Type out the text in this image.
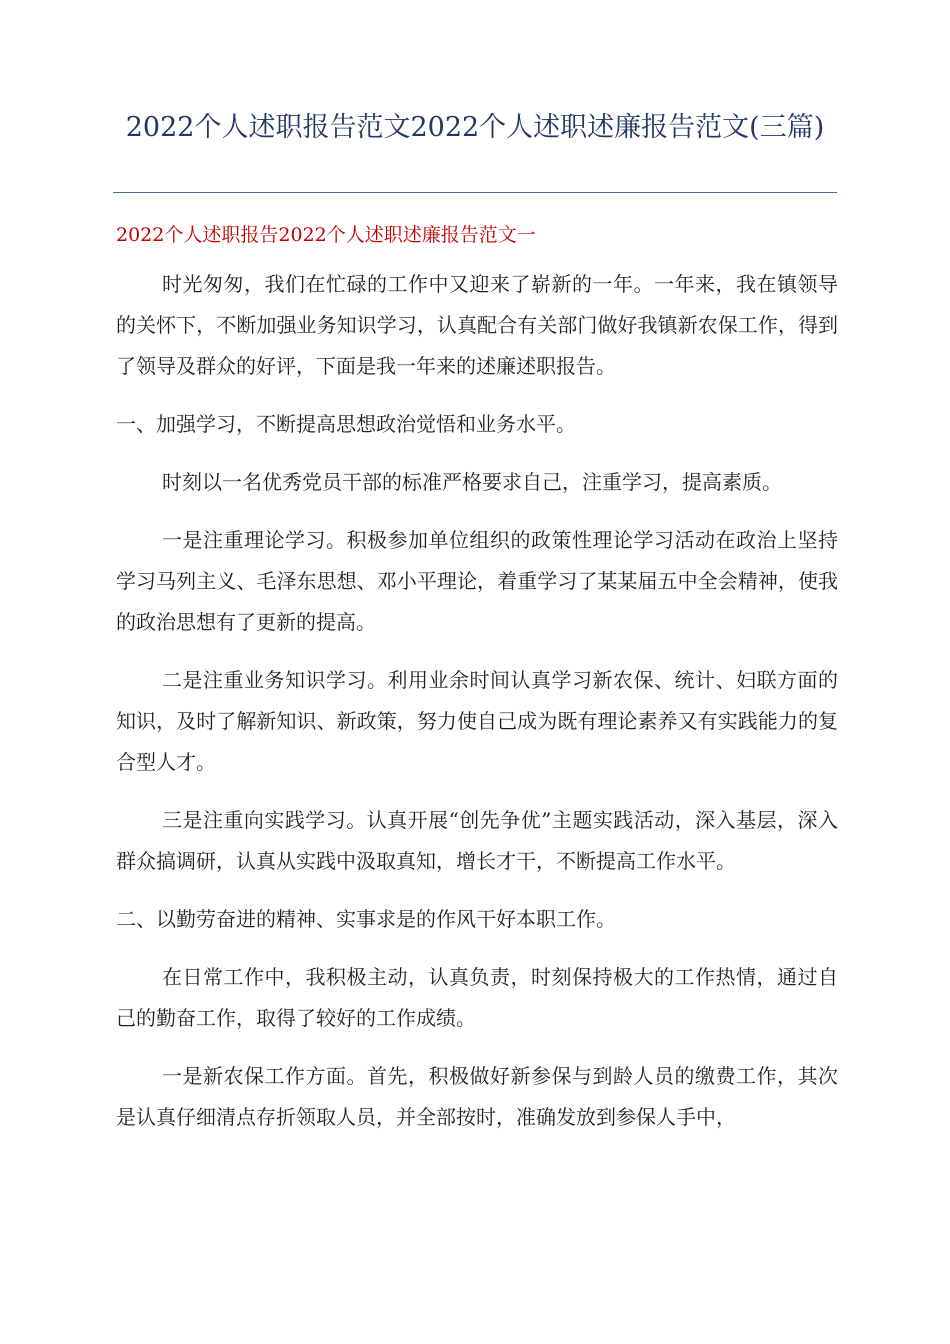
2022个人述职报告范文2022个人述职述廉报告范文(三篇)
2022个人述职报告2022个人述职述廉报告范文一

时光匆匆，我们在忙碌的工作中又迎来了崭新的一年。一年来，我在镇领导的关怀下，不断加强业务知识学习，认真配合有关部门做好我镇新农保工作，得到了领导及群众的好评，下面是我一年来的述廉述职报告。

一、加强学习，不断提高思想政治觉悟和业务水平。

时刻以一名优秀党员干部的标准严格要求自己，注重学习，提高素质。

一是注重理论学习。积极参加单位组织的政策性理论学习活动在政治上坚持学习马列主义、毛泽东思想、邓小平理论，着重学习了某某届五中全会精神，使我的政治思想有了更新的提高。

二是注重业务知识学习。利用业余时间认真学习新农保、统计、妇联方面的知识，及时了解新知识、新政策，努力使自己成为既有理论素养又有实践能力的复合型人才。

三是注重向实践学习。认真开展“创先争优”主题实践活动，深入基层，深入群众搞调研，认真从实践中汲取真知，增长才干，不断提高工作水平。

二、以勤劳奋进的精神、实事求是的作风干好本职工作。

在日常工作中，我积极主动，认真负责，时刻保持极大的工作热情，通过自己的勤奋工作，取得了较好的工作成绩。

一是新农保工作方面。首先，积极做好新参保与到龄人员的缴费工作，其次是认真仔细清点存折领取人员，并全部按时，准确发放到参保人手中，
